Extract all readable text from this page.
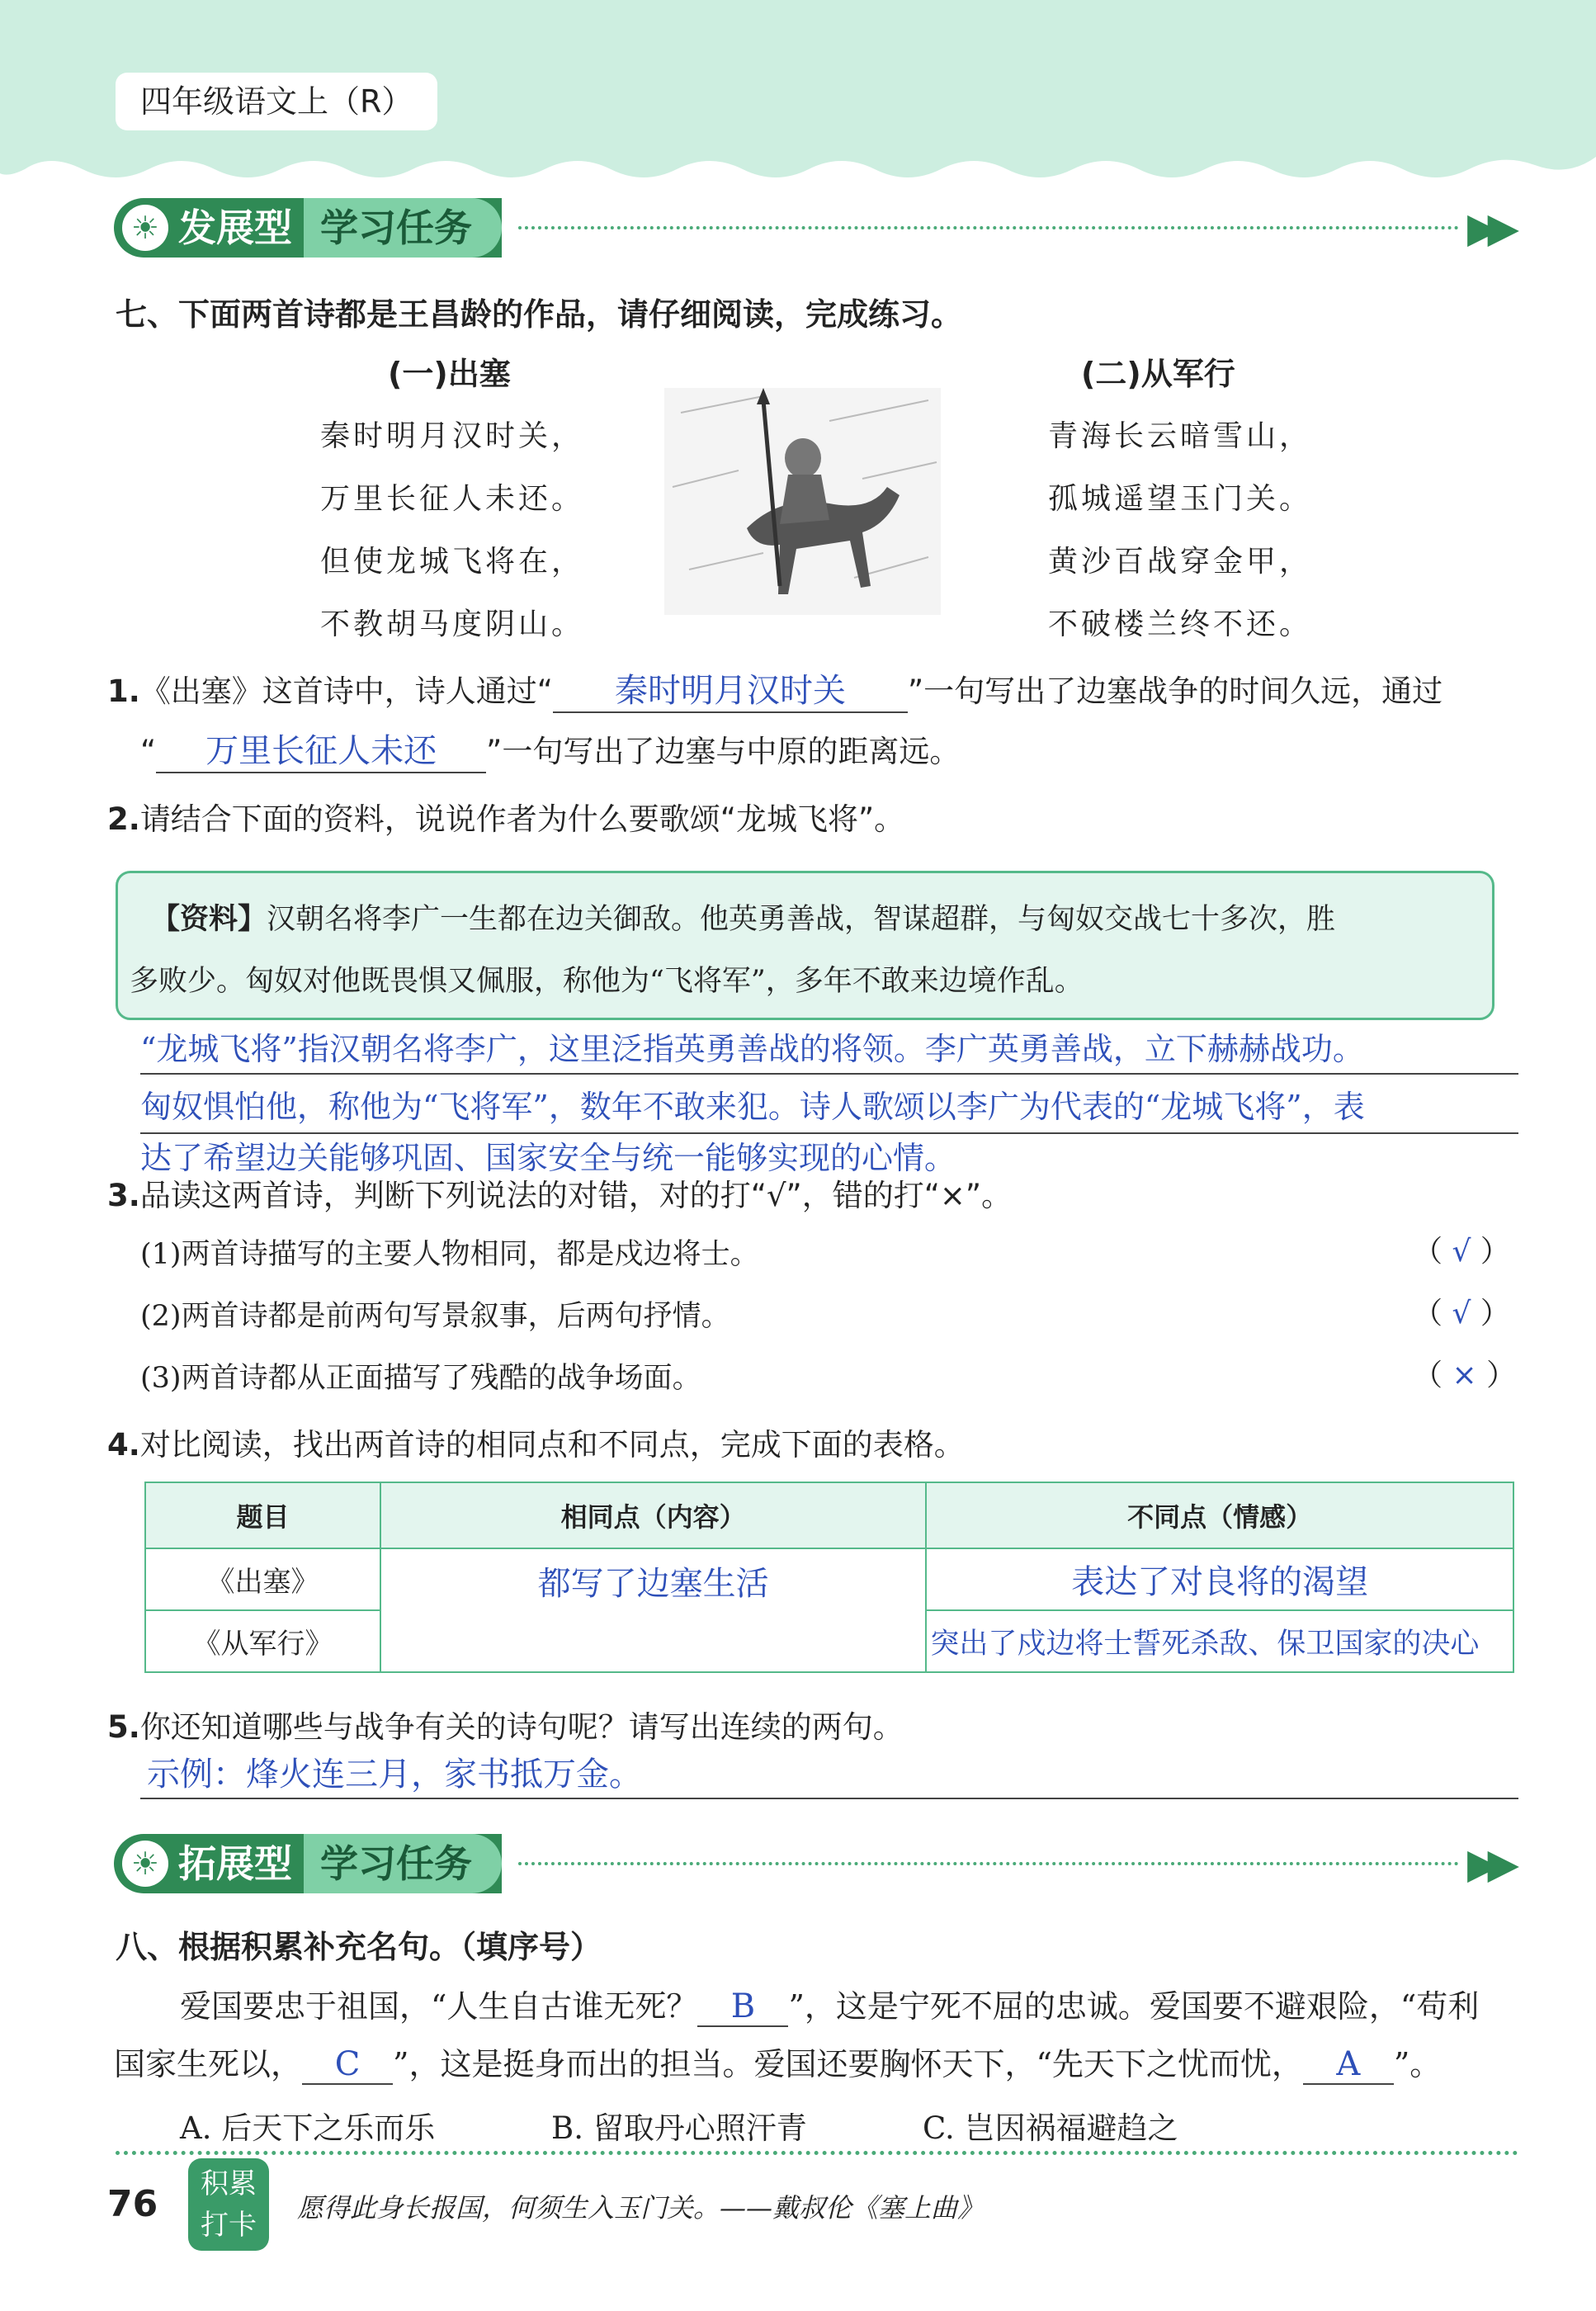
四年级语文上（R）
☀ 发展型 学习任务	▶▶
七、下面两首诗都是王昌龄的作品，请仔细阅读，完成练习。
(一)出塞
秦时明月汉时关，
万里长征人未还。
但使龙城飞将在，
不教胡马度阴山。
(二)从军行
青海长云暗雪山，
孤城遥望玉门关。
黄沙百战穿金甲，
不破楼兰终不还。
1.《出塞》这首诗中，诗人通过“ 秦时明月汉时关 ”一句写出了边塞战争的时间久远，通过
“ 万里长征人未还 ”一句写出了边塞与中原的距离远。
2.请结合下面的资料，说说作者为什么要歌颂“龙城飞将”。
【资料】汉朝名将李广一生都在边关御敌。他英勇善战，智谋超群，与匈奴交战七十多次，胜
多败少。匈奴对他既畏惧又佩服，称他为“飞将军”，多年不敢来边境作乱。
“龙城飞将”指汉朝名将李广，这里泛指英勇善战的将领。李广英勇善战，立下赫赫战功。
匈奴惧怕他，称他为“飞将军”，数年不敢来犯。诗人歌颂以李广为代表的“龙城飞将”，表
达了希望边关能够巩固、国家安全与统一能够实现的心情。
3.品读这两首诗，判断下列说法的对错，对的打“√”，错的打“×”。
(1)两首诗描写的主要人物相同，都是戍边将士。	（ √ ）
(2)两首诗都是前两句写景叙事，后两句抒情。	（ √ ）
(3)两首诗都从正面描写了残酷的战争场面。	（ × ）
4.对比阅读，找出两首诗的相同点和不同点，完成下面的表格。
题目	相同点（内容）	不同点（情感）
《出塞》	都写了边塞生活	表达了对良将的渴望
《从军行》		突出了戍边将士誓死杀敌、保卫国家的决心
5.你还知道哪些与战争有关的诗句呢？请写出连续的两句。
示例：烽火连三月，家书抵万金。
☀ 拓展型 学习任务	▶▶
八、根据积累补充名句。（填序号）
爱国要忠于祖国，“人生自古谁无死？ B ”，这是宁死不屈的忠诚。爱国要不避艰险，“苟利
国家生死以， C ”，这是挺身而出的担当。爱国还要胸怀天下，“先天下之忧而忧， A ”。
A. 后天下之乐而乐	B. 留取丹心照汗青	C. 岂因祸福避趋之
76	积累
打卡
愿得此身长报国，何须生入玉门关。——戴叔伦《塞上曲》
